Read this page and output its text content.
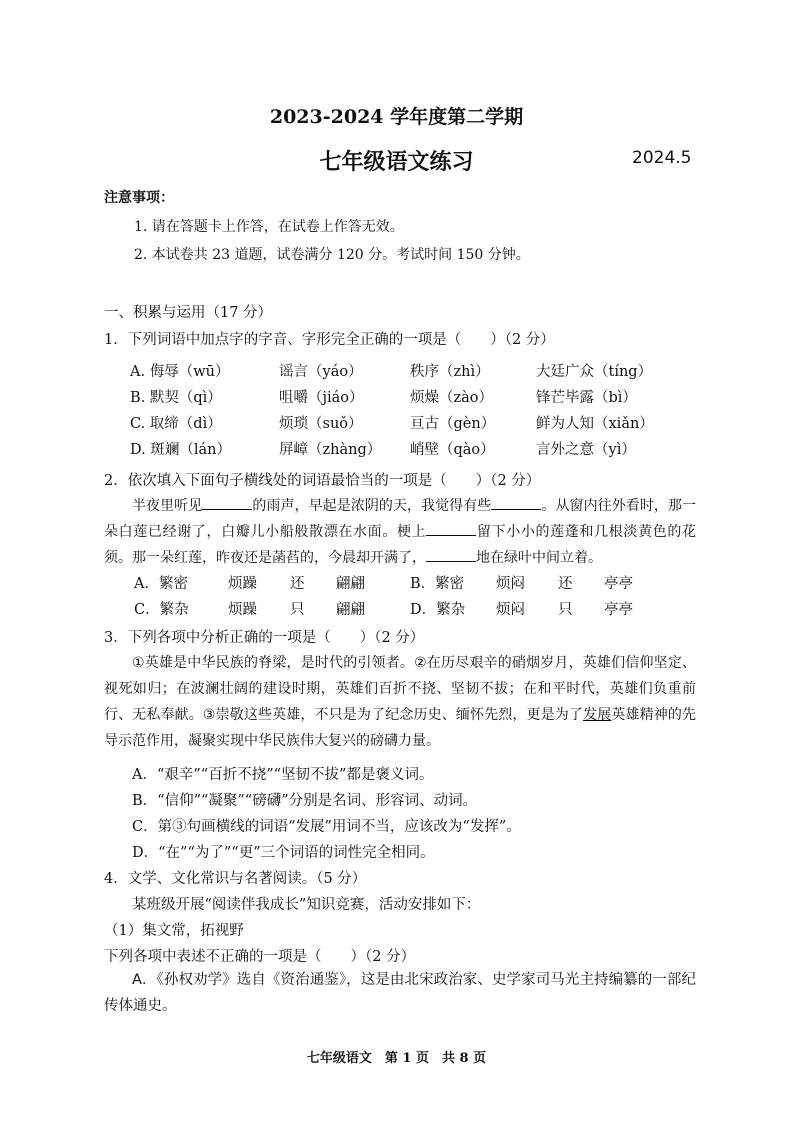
2023-2024 学年度第二学期
七年级语文练习	2024.5
注意事项：
1. 请在答题卡上作答，在试卷上作答无效。
2. 本试卷共 23 道题，试卷满分 120 分。考试时间 150 分钟。
一、积累与运用（17 分）
1．下列词语中加点字的字音、字形完全正确的一项是（　　）（2 分）
A. 侮辱（wū）	谣言（yáo）	秩序（zhì）	大廷广众（tíng）
B. 默契（qì）	咀嚼（jiáo）	烦燥（zào）	锋芒毕露（bì）
C. 取缔（dì）	烦琐（suǒ）	亘古（gèn）	鲜为人知（xiǎn）
D. 斑斓（lán）	屏嶂（zhàng） 峭壁（qào）	言外之意（yì）
2．依次填入下面句子横线处的词语最恰当的一项是（　　）（2 分）
半夜里听见	的雨声，早起是浓阴的天，我觉得有些	。从窗内往外看时，那一朵白莲已经谢了，白瓣儿小船般散漂在水面。梗上	留下小小的莲蓬和几根淡黄色的花须。那一朵红莲，昨夜还是菡萏的，今晨却开满了，	地在绿叶中间立着。
A．繁密	烦躁 还 翩翩	B．繁密 烦闷 还 亭亭
C．繁杂	烦躁 只 翩翩	D．繁杂 烦闷 只 亭亭
3．下列各项中分析正确的一项是（　　）（2 分）
①英雄是中华民族的脊梁，是时代的引领者。②在历尽艰辛的硝烟岁月，英雄们信仰坚定、视死如归；在波澜壮阔的建设时期，英雄们百折不挠、坚韧不拔；在和平时代，英雄们负重前行、无私奉献。③崇敬这些英雄，不只是为了纪念历史、缅怀先烈，更是为了发展英雄精神的先导示范作用，凝聚实现中华民族伟大复兴的磅礴力量。
A．“艰辛”“百折不挠”“坚韧不拔”都是褒义词。
B．“信仰”“凝聚”“磅礴”分别是名词、形容词、动词。
C．第③句画横线的词语“发展”用词不当，应该改为“发挥”。
D．“在”“为了”“更”三个词语的词性完全相同。
4．文学、文化常识与名著阅读。（5 分）
某班级开展“阅读伴我成长”知识竞赛，活动安排如下：
（1）集文常，拓视野
下列各项中表述不正确的一项是（　　）（2 分）
A．《孙权劝学》选自《资治通鉴》，这是由北宋政治家、史学家司马光主持编纂的一部纪传体通史。
七年级语文　第 1 页　共 8 页
